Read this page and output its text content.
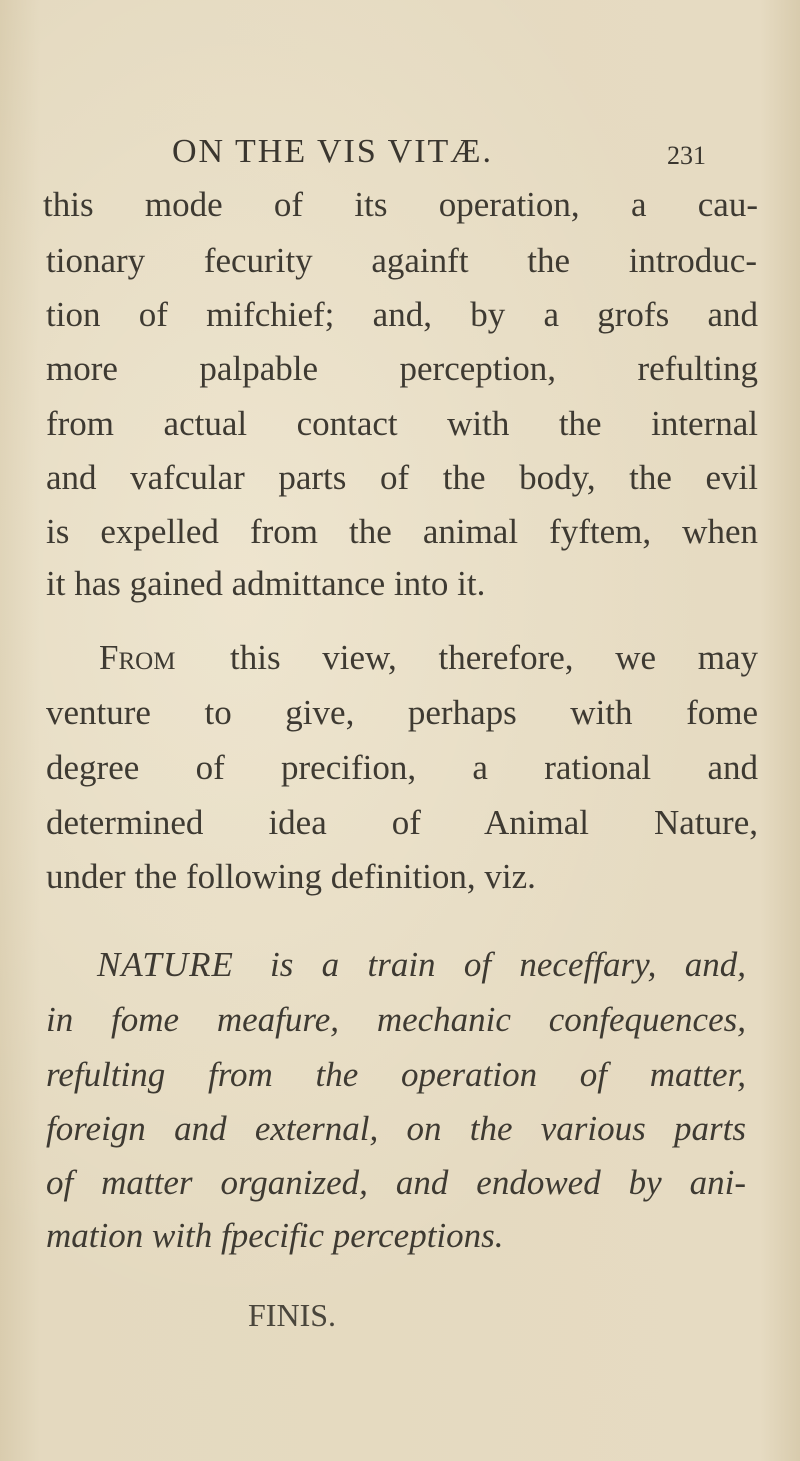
ON THE VIS VITÆ.	231
this mode of its operation, a cau-
tionary fecurity againft the introduc-
tion of mifchief; and, by a grofs and
more palpable perception, refulting
from actual contact with the internal
and vafcular parts of the body, the evil
is expelled from the animal fyftem, when
it has gained admittance into it.
From	this view, therefore, we may
venture to give, perhaps with fome
degree of precifion, a rational and
determined idea of Animal Nature,
under the following definition, viz.
NATURE	is a train of neceffary, and,
in fome meafure, mechanic confequences,
refulting from the operation of matter,
foreign and external, on the various parts
of matter organized, and endowed by ani-
mation with fpecific perceptions.
FINIS.
